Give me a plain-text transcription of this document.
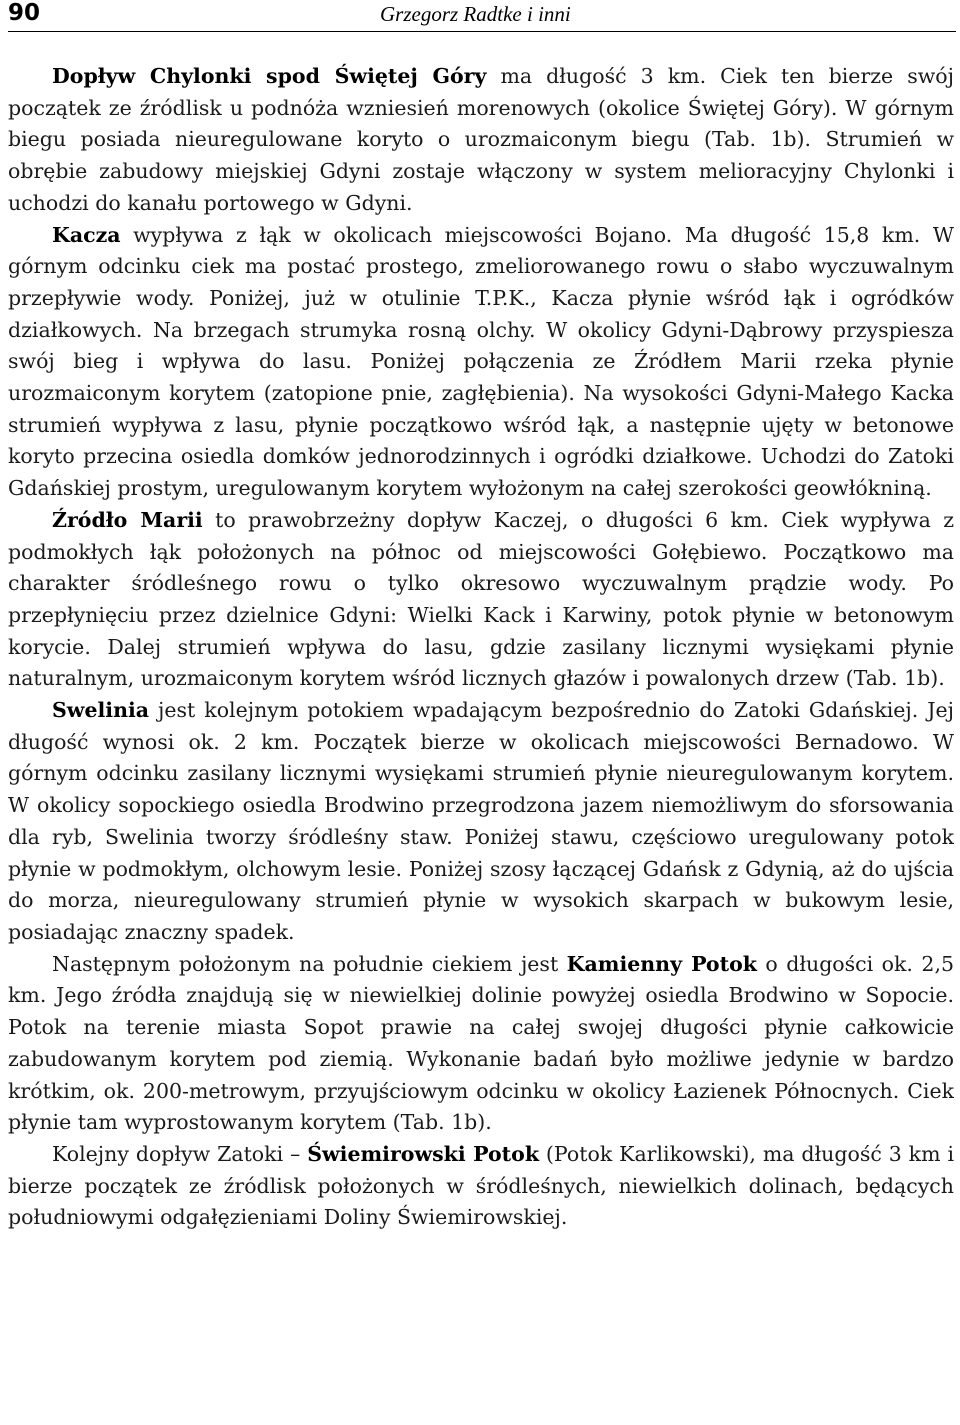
90	Grzegorz Radtke i inni

Dopływ Chylonki spod Świętej Góry ma długość 3 km. Ciek ten bierze swój początek ze źródlisk u podnóża wzniesień morenowych (okolice Świętej Góry). W górnym biegu posiada nieuregulowane koryto o urozmaiconym biegu (Tab. 1b). Strumień w obrębie zabudowy miejskiej Gdyni zostaje włączony w system melioracyjny Chylonki i uchodzi do kanału portowego w Gdyni.

Kacza wypływa z łąk w okolicach miejscowości Bojano. Ma długość 15,8 km. W górnym odcinku ciek ma postać prostego, zmeliorowanego rowu o słabo wyczuwalnym przepływie wody. Poniżej, już w otulinie T.P.K., Kacza płynie wśród łąk i ogródków działkowych. Na brzegach strumyka rosną olchy. W okolicy Gdyni-Dąbrowy przyspiesza swój bieg i wpływa do lasu. Poniżej połączenia ze Źródłem Marii rzeka płynie urozmaiconym korytem (zatopione pnie, zagłębienia). Na wysokości Gdyni-Małego Kacka strumień wypływa z lasu, płynie początkowo wśród łąk, a następnie ujęty w betonowe koryto przecina osiedla domków jednorodzinnych i ogródki działkowe. Uchodzi do Zatoki Gdańskiej prostym, uregulowanym korytem wyłożonym na całej szerokości geowłókniną.

Źródło Marii to prawobrzeżny dopływ Kaczej, o długości 6 km. Ciek wypływa z podmokłych łąk położonych na północ od miejscowości Gołębiewo. Początkowo ma charakter śródleśnego rowu o tylko okresowo wyczuwalnym prądzie wody. Po przepłynięciu przez dzielnice Gdyni: Wielki Kack i Karwiny, potok płynie w betonowym korycie. Dalej strumień wpływa do lasu, gdzie zasilany licznymi wysiękami płynie naturalnym, urozmaiconym korytem wśród licznych głazów i powalonych drzew (Tab. 1b).

Swelinia jest kolejnym potokiem wpadającym bezpośrednio do Zatoki Gdańskiej. Jej długość wynosi ok. 2 km. Początek bierze w okolicach miejscowości Bernadowo. W górnym odcinku zasilany licznymi wysiękami strumień płynie nieuregulowanym korytem. W okolicy sopockiego osiedla Brodwino przegrodzona jazem niemożliwym do sforsowania dla ryb, Swelinia tworzy śródleśny staw. Poniżej stawu, częściowo uregulowany potok płynie w podmokłym, olchowym lesie. Poniżej szosy łączącej Gdańsk z Gdynią, aż do ujścia do morza, nieuregulowany strumień płynie w wysokich skarpach w bukowym lesie, posiadając znaczny spadek.

Następnym położonym na południe ciekiem jest Kamienny Potok o długości ok. 2,5 km. Jego źródła znajdują się w niewielkiej dolinie powyżej osiedla Brodwino w Sopocie. Potok na terenie miasta Sopot prawie na całej swojej długości płynie całkowicie zabudowanym korytem pod ziemią. Wykonanie badań było możliwe jedynie w bardzo krótkim, ok. 200-metrowym, przyujściowym odcinku w okolicy Łazienek Północnych. Ciek płynie tam wyprostowanym korytem (Tab. 1b).

Kolejny dopływ Zatoki – Świemirowski Potok (Potok Karlikowski), ma długość 3 km i bierze początek ze źródlisk położonych w śródleśnych, niewielkich dolinach, będących południowymi odgałęzieniami Doliny Świemirowskiej.
